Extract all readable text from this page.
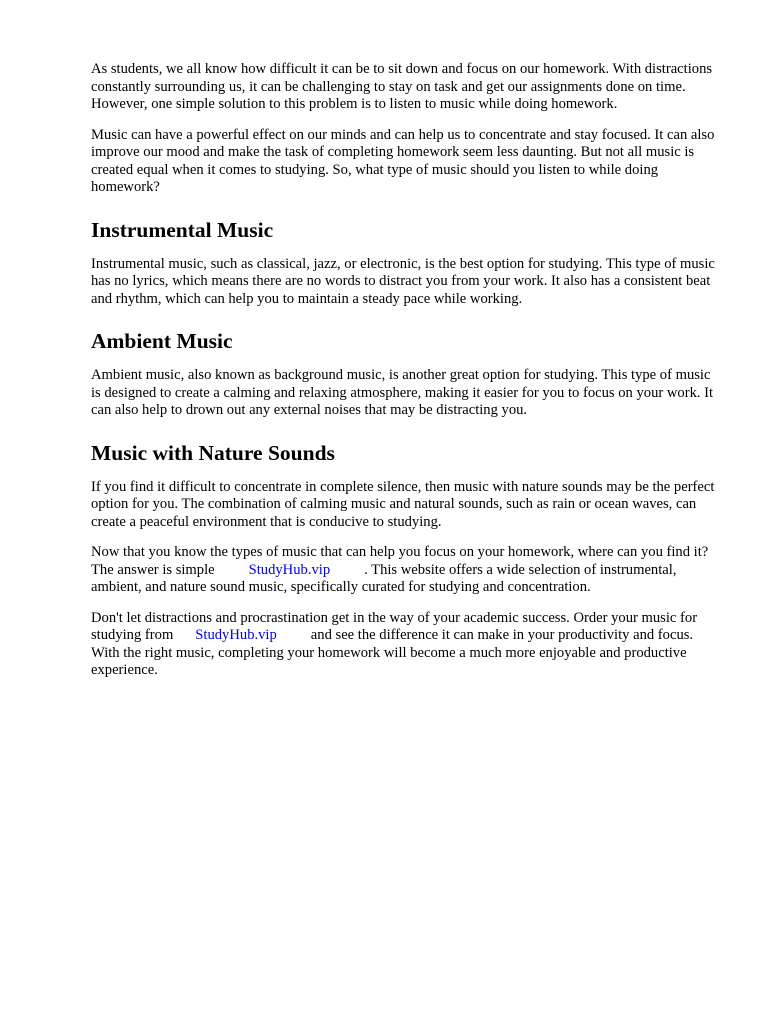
As students, we all know how difficult it can be to sit down and focus on our homework. With distractions constantly surrounding us, it can be challenging to stay on task and get our assignments done on time. However, one simple solution to this problem is to listen to music while doing homework.

Music can have a powerful effect on our minds and can help us to concentrate and stay focused. It can also improve our mood and make the task of completing homework seem less daunting. But not all music is created equal when it comes to studying. So, what type of music should you listen to while doing homework?

Instrumental Music

Instrumental music, such as classical, jazz, or electronic, is the best option for studying. This type of music has no lyrics, which means there are no words to distract you from your work. It also has a consistent beat and rhythm, which can help you to maintain a steady pace while working.

Ambient Music

Ambient music, also known as background music, is another great option for studying. This type of music is designed to create a calming and relaxing atmosphere, making it easier for you to focus on your work. It can also help to drown out any external noises that may be distracting you.

Music with Nature Sounds

If you find it difficult to concentrate in complete silence, then music with nature sounds may be the perfect option for you. The combination of calming music and natural sounds, such as rain or ocean waves, can create a peaceful environment that is conducive to studying.

Now that you know the types of music that can help you focus on your homework, where can you find it? The answer is simple StudyHub.vip . This website offers a wide selection of instrumental, ambient, and nature sound music, specifically curated for studying and concentration.

Don't let distractions and procrastination get in the way of your academic success. Order your music for studying from StudyHub.vip and see the difference it can make in your productivity and focus. With the right music, completing your homework will become a much more enjoyable and productive experience.
